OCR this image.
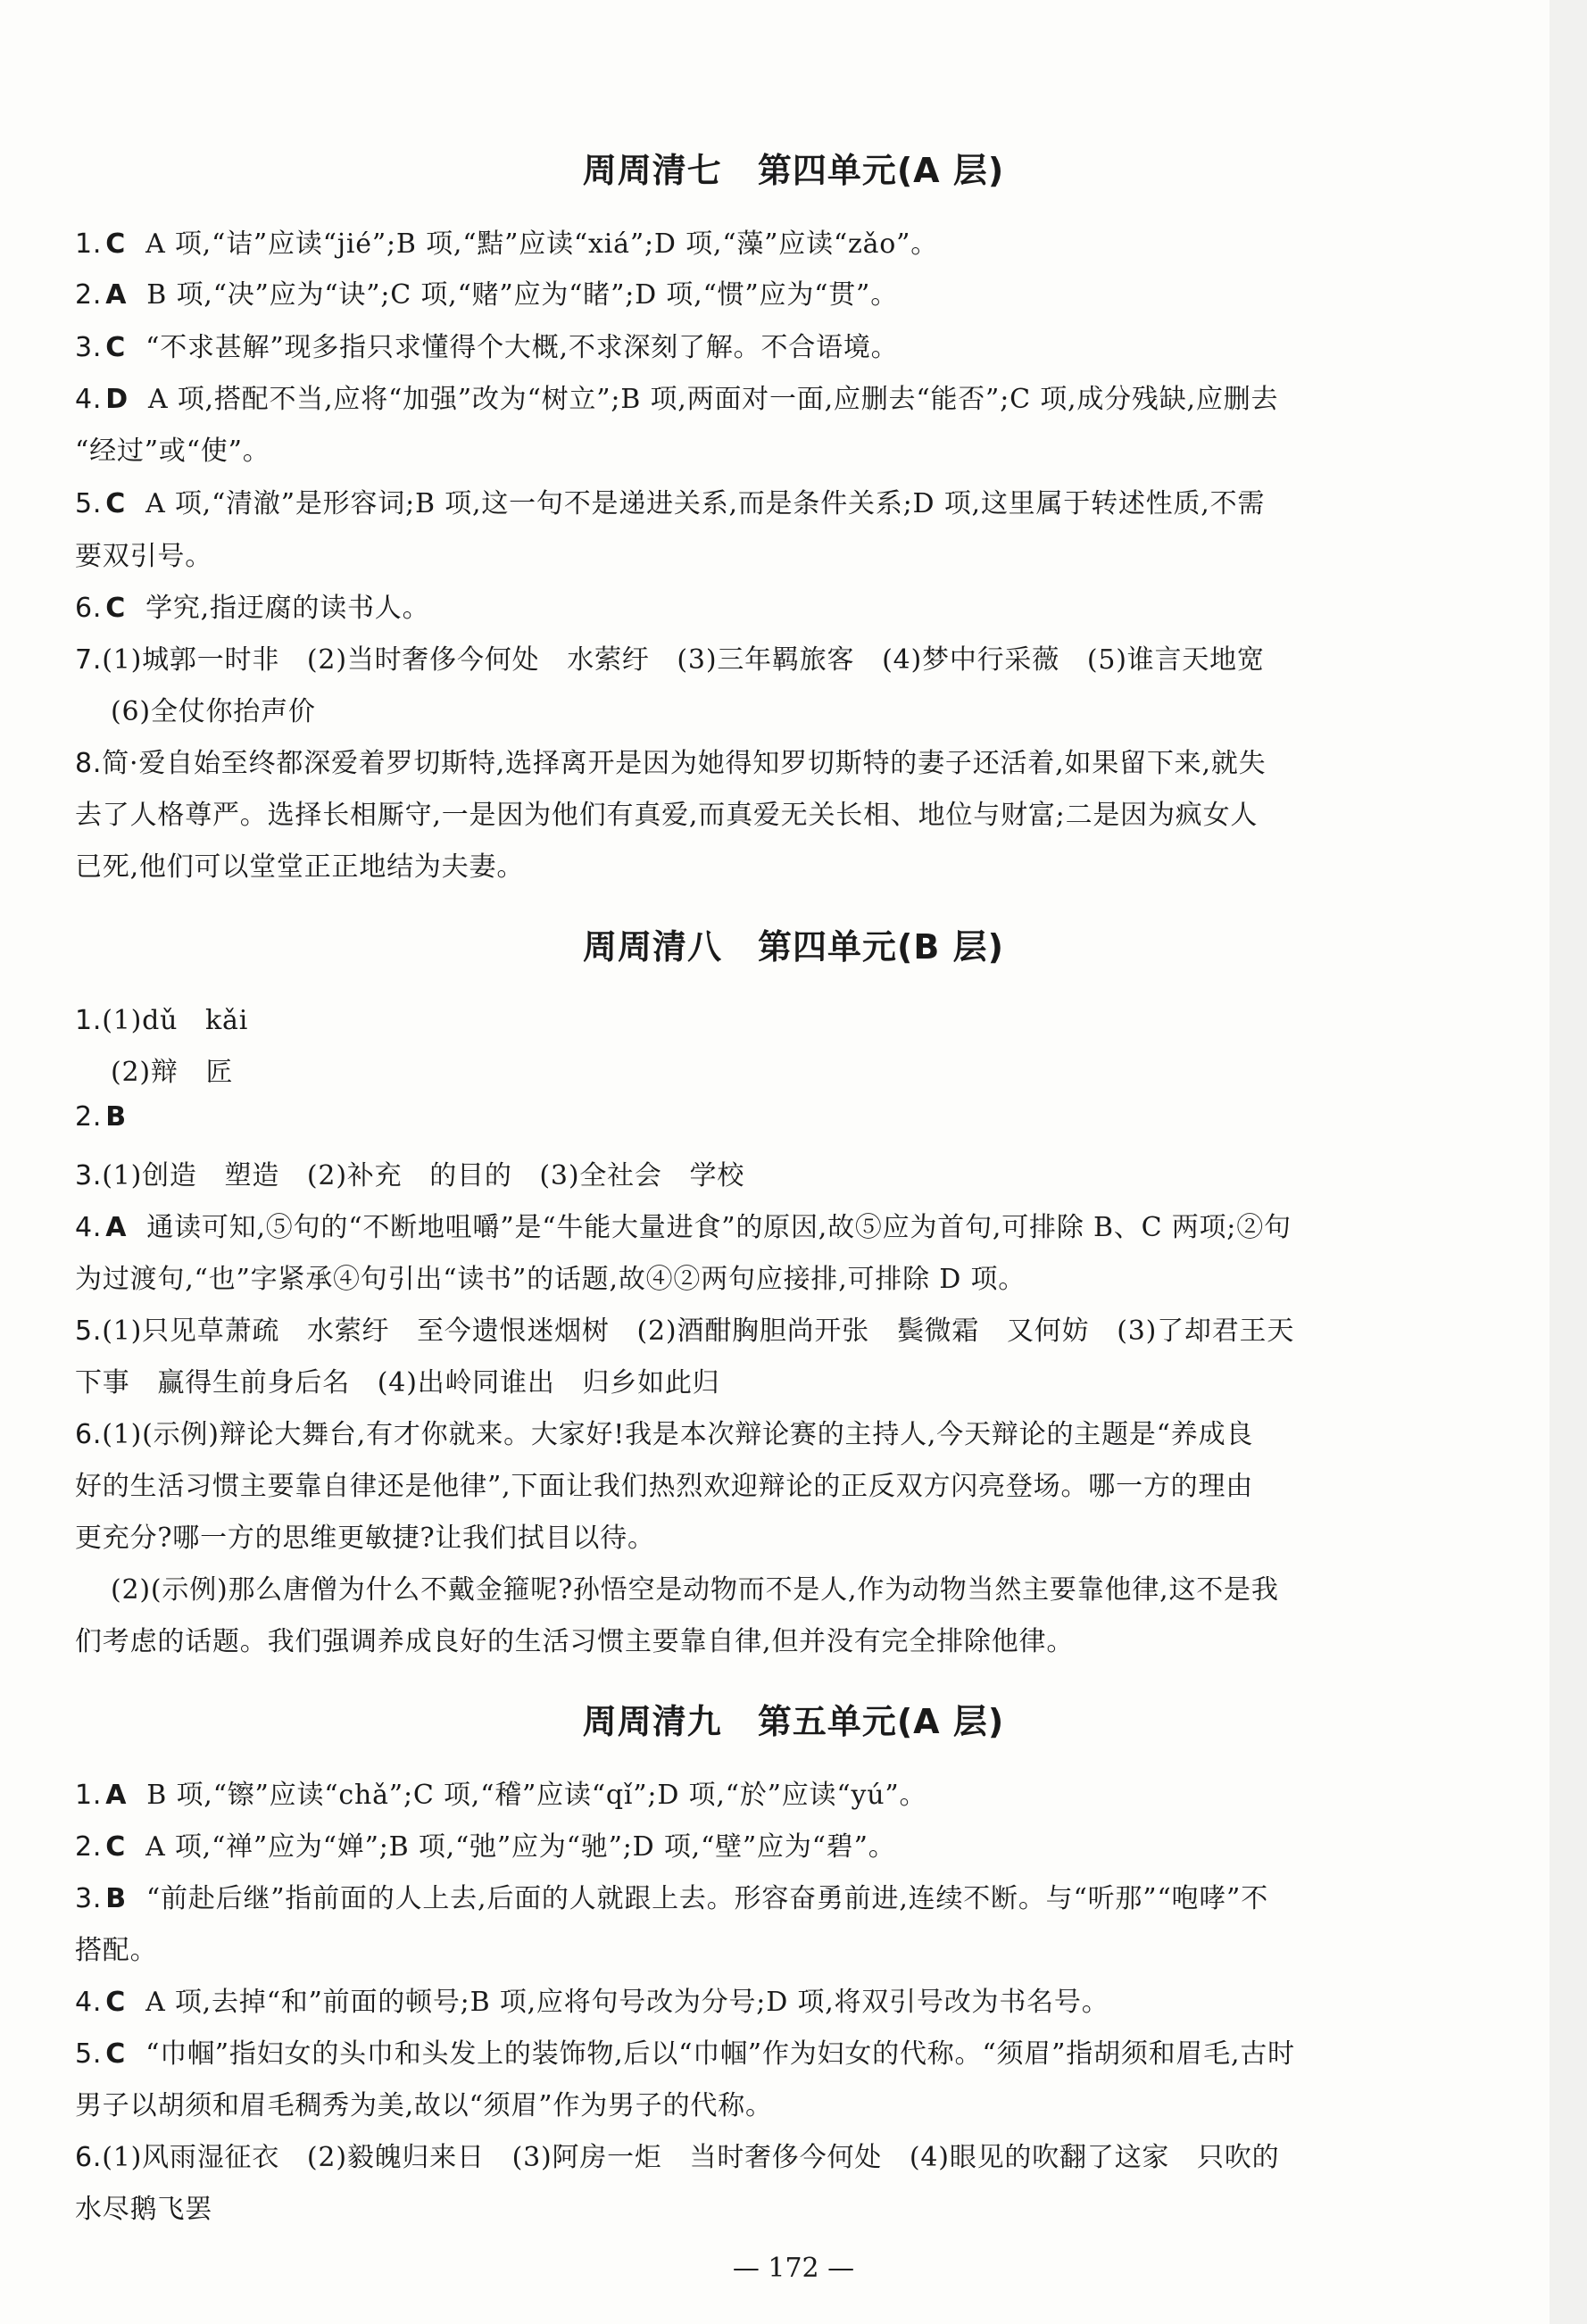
周周清七 第四单元(A 层)
1. C A 项,“诘”应读“jié”;B 项,“黠”应读“xiá”;D 项,“藻”应读“zǎo”。
2. A B 项,“决”应为“诀”;C 项,“赌”应为“睹”;D 项,“惯”应为“贯”。
3. C “不求甚解”现多指只求懂得个大概,不求深刻了解。不合语境。
4. D A 项,搭配不当,应将“加强”改为“树立”;B 项,两面对一面,应删去“能否”;C 项,成分残缺,应删去
“经过”或“使”。
5. C A 项,“清澈”是形容词;B 项,这一句不是递进关系,而是条件关系;D 项,这里属于转述性质,不需
要双引号。
6. C 学究,指迂腐的读书人。
7.(1)城郭一时非　(2)当时奢侈今何处　水萦纡　(3)三年羁旅客　(4)梦中行采薇　(5)谁言天地宽
(6)全仗你抬声价
8.简·爱自始至终都深爱着罗切斯特,选择离开是因为她得知罗切斯特的妻子还活着,如果留下来,就失
去了人格尊严。选择长相厮守,一是因为他们有真爱,而真爱无关长相、地位与财富;二是因为疯女人
已死,他们可以堂堂正正地结为夫妻。
周周清八 第四单元(B 层)
1.(1)dǔ　kǎi
(2)辩　匠
2. B
3.(1)创造　塑造　(2)补充　的目的　(3)全社会　学校
4. A 通读可知,⑤句的“不断地咀嚼”是“牛能大量进食”的原因,故⑤应为首句,可排除 B、C 两项;②句
为过渡句,“也”字紧承④句引出“读书”的话题,故④②两句应接排,可排除 D 项。
5.(1)只见草萧疏　水萦纡　至今遗恨迷烟树　(2)酒酣胸胆尚开张　鬓微霜　又何妨　(3)了却君王天
下事　赢得生前身后名　(4)出岭同谁出　归乡如此归
6.(1)(示例)辩论大舞台,有才你就来。大家好!我是本次辩论赛的主持人,今天辩论的主题是“养成良
好的生活习惯主要靠自律还是他律”,下面让我们热烈欢迎辩论的正反双方闪亮登场。哪一方的理由
更充分?哪一方的思维更敏捷?让我们拭目以待。
(2)(示例)那么唐僧为什么不戴金箍呢?孙悟空是动物而不是人,作为动物当然主要靠他律,这不是我
们考虑的话题。我们强调养成良好的生活习惯主要靠自律,但并没有完全排除他律。
周周清九 第五单元(A 层)
1. A B 项,“镲”应读“chǎ”;C 项,“稽”应读“qǐ”;D 项,“於”应读“yú”。
2. C A 项,“禅”应为“婵”;B 项,“弛”应为“驰”;D 项,“壁”应为“碧”。
3. B “前赴后继”指前面的人上去,后面的人就跟上去。形容奋勇前进,连续不断。与“听那”“咆哮”不
搭配。
4. C A 项,去掉“和”前面的顿号;B 项,应将句号改为分号;D 项,将双引号改为书名号。
5. C “巾帼”指妇女的头巾和头发上的装饰物,后以“巾帼”作为妇女的代称。“须眉”指胡须和眉毛,古时
男子以胡须和眉毛稠秀为美,故以“须眉”作为男子的代称。
6.(1)风雨湿征衣　(2)毅魄归来日　(3)阿房一炬　当时奢侈今何处　(4)眼见的吹翻了这家　只吹的
水尽鹅飞罢
— 172 —
